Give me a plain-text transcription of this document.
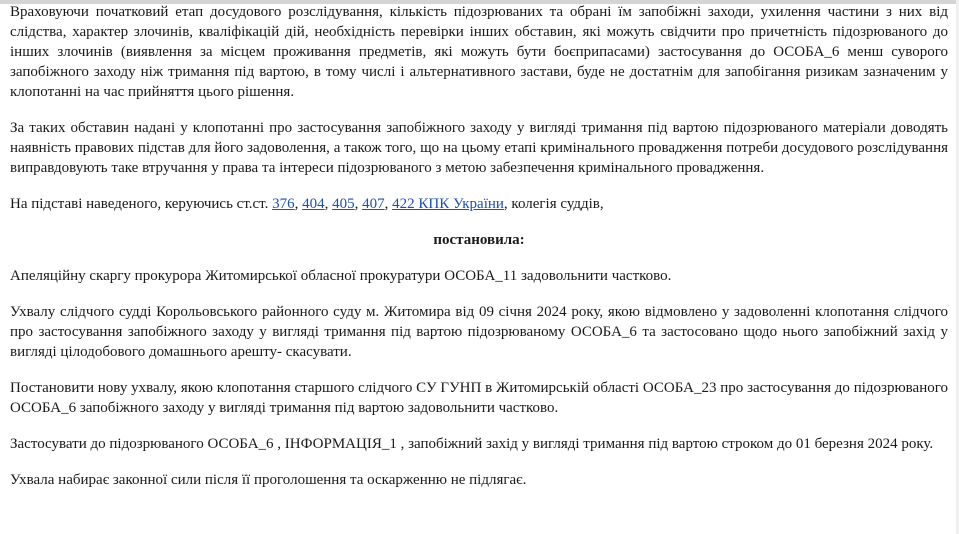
Враховуючи початковий етап досудового розслідування, кількість підозрюваних та обрані їм запобіжні заходи, ухилення частини з них від слідства, характер злочинів, кваліфікацій дій, необхідність перевірки інших обставин, які можуть свідчити про причетність підозрюваного до інших злочинів (виявлення за місцем проживання предметів, які можуть бути боєприпасами) застосування до ОСОБА_6 менш суворого запобіжного заходу ніж тримання під вартою, в тому числі і альтернативного застави, буде не достатнім для запобігання ризикам зазначеним у клопотанні на час прийняття цього рішення.

За таких обставин надані у клопотанні про застосування запобіжного заходу у вигляді тримання під вартою підозрюваного матеріали доводять наявність правових підстав для його задоволення, а також того, що на цьому етапі кримінального провадження потреби досудового розслідування виправдовують таке втручання у права та інтереси підозрюваного з метою забезпечення кримінального провадження.

На підставі наведеного, керуючись ст.ст. 376, 404, 405, 407, 422 КПК України, колегія суддів,

постановила:

Апеляційну скаргу прокурора Житомирської обласної прокуратури ОСОБА_11 задовольнити частково.

Ухвалу слідчого судді Корольовського районного суду м. Житомира від 09 січня 2024 року, якою відмовлено у задоволенні клопотання слідчого про застосування запобіжного заходу у вигляді тримання під вартою підозрюваному ОСОБА_6 та застосовано щодо нього запобіжний захід у вигляді цілодобового домашнього арешту- скасувати.

Постановити нову ухвалу, якою клопотання старшого слідчого СУ ГУНП в Житомирській області ОСОБА_23 про застосування до підозрюваного ОСОБА_6 запобіжного заходу у вигляді тримання під вартою задовольнити частково.

Застосувати до підозрюваного ОСОБА_6 , ІНФОРМАЦІЯ_1 , запобіжний захід у вигляді тримання під вартою строком до 01 березня 2024 року.

Ухвала набирає законної сили після її проголошення та оскарженню не підлягає.
